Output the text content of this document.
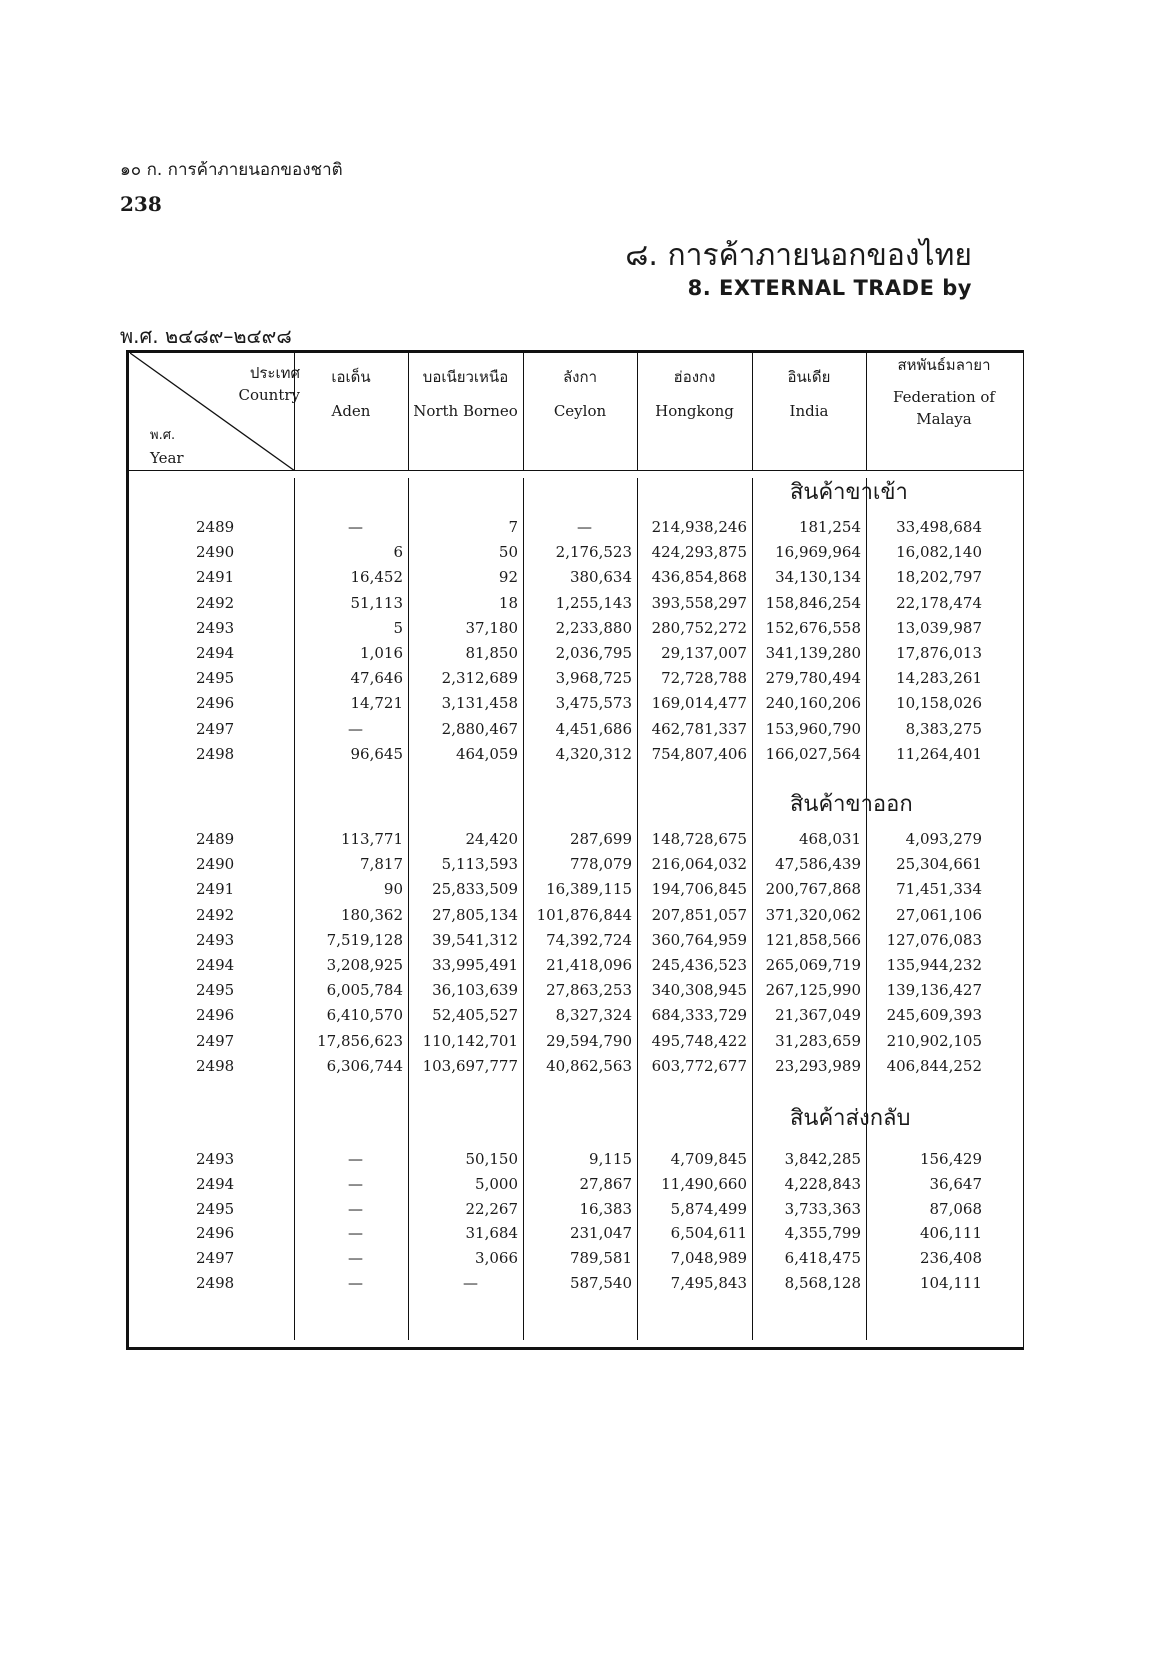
๑๐ ก. การค้าภายนอกของชาติ
238
๘. การค้าภายนอกของไทย
8. EXTERNAL TRADE by
พ.ศ. ๒๔๘๙–๒๔๙๘
ประเทศ
Country
พ.ศ.
Year
เอเด็น
Aden
บอเนียวเหนือ
North Borneo
ลังกา
Ceylon
ฮ่องกง
Hongkong
อินเดีย
India
สหพันธ์มลายา
Federation of Malaya
สินค้าขาเข้า
2489	—	7	—	214,938,246	181,254 33,498,684
2490	6	50	2,176,523 424,293,875 16,969,964 16,082,140
2491	16,452	92	380,634 436,854,868 34,130,134 18,202,797
2492	51,113	18	1,255,143 393,558,297 158,846,254 22,178,474
2493	5	37,180	2,233,880 280,752,272 152,676,558 13,039,987
2494	1,016	81,850	2,036,795 29,137,007 341,139,280 17,876,013
2495	47,646	2,312,689	3,968,725 72,728,788 279,780,494 14,283,261
2496	14,721	3,131,458	3,475,573 169,014,477 240,160,206 10,158,026
2497	—	2,880,467	4,451,686 462,781,337 153,960,790	8,383,275
2498	96,645	464,059	4,320,312 754,807,406 166,027,564 11,264,401
สินค้าขาออก
2489	113,771	24,420	287,699 148,728,675	468,031	4,093,279
2490	7,817	5,113,593	778,079 216,064,032 47,586,439 25,304,661
2491	90 25,833,509 16,389,115 194,706,845 200,767,868 71,451,334
2492	180,362 27,805,134 101,876,844 207,851,057 371,320,062 27,061,106
2493	7,519,128 39,541,312 74,392,724 360,764,959 121,858,566 127,076,083
2494	3,208,925 33,995,491 21,418,096 245,436,523 265,069,719 135,944,232
2495	6,005,784 36,103,639 27,863,253 340,308,945 267,125,990 139,136,427
2496	6,410,570 52,405,527	8,327,324 684,333,729 21,367,049 245,609,393
2497	17,856,623 110,142,701 29,594,790 495,748,422 31,283,659 210,902,105
2498	6,306,744 103,697,777 40,862,563 603,772,677 23,293,989 406,844,252
สินค้าส่งกลับ
2493	—	50,150	9,115	4,709,845	3,842,285	156,429
2494	—	5,000	27,867 11,490,660	4,228,843	36,647
2495	—	22,267	16,383	5,874,499	3,733,363	87,068
2496	—	31,684	231,047	6,504,611	4,355,799	406,111
2497	—	3,066	789,581	7,048,989	6,418,475	236,408
2498	—	—	587,540	7,495,843	8,568,128	104,111
